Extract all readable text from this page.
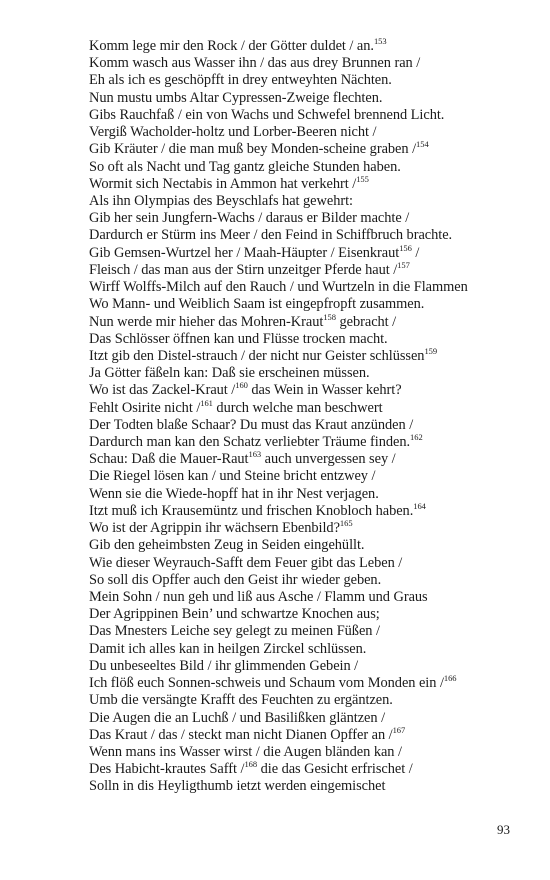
Komm lege mir den Rock / der Götter duldet / an.$^{153}$
Komm wasch aus Wasser ihn / das aus drey Brunnen ran /
Eh als ich es geschöpfft in drey entweyhten Nächten.
Nun mustu umbs Altar Cypressen-Zweige flechten.
Gibs Rauchfaß / ein von Wachs und Schwefel brennend Licht.
Vergiß Wacholder-holtz und Lorber-Beeren nicht /
Gib Kräuter / die man muß bey Monden-scheine graben /$^{154}$
So oft als Nacht und Tag gantz gleiche Stunden haben.
Wormit sich Nectabis in Ammon hat verkehrt /$^{155}$
Als ihn Olympias des Beyschlafs hat gewehrt:
Gib her sein Jungfern-Wachs / daraus er Bilder machte /
Dardurch er Stürm ins Meer / den Feind in Schiffbruch brachte.
Gib Gemsen-Wurtzel her / Maah-Häupter / Eisenkraut$^{156}$ /
Fleisch / das man aus der Stirn unzeitger Pferde haut /$^{157}$
Wirff Wolffs-Milch auf den Rauch / und Wurtzeln in die Flammen
Wo Mann- und Weiblich Saam ist eingepfropft zusammen.
Nun werde mir hieher das Mohren-Kraut$^{158}$ gebracht /
Das Schlösser öffnen kan und Flüsse trocken macht.
Itzt gib den Distel-strauch / der nicht nur Geister schlüssen$^{159}$
Ja Götter fäßeln kan: Daß sie erscheinen müssen.
Wo ist das Zackel-Kraut /$^{160}$ das Wein in Wasser kehrt?
Fehlt Osirite nicht /$^{161}$ durch welche man beschwert
Der Todten blaße Schaar? Du must das Kraut anzünden /
Dardurch man kan den Schatz verliebter Träume finden.$^{162}$
Schau: Daß die Mauer-Raut$^{163}$ auch unvergessen sey /
Die Riegel lösen kan / und Steine bricht entzwey /
Wenn sie die Wiede-hopff hat in ihr Nest verjagen.
Itzt muß ich Krausemüntz und frischen Knobloch haben.$^{164}$
Wo ist der Agrippin ihr wächsern Ebenbild?$^{165}$
Gib den geheimbsten Zeug in Seiden eingehüllt.
Wie dieser Weyrauch-Safft dem Feuer gibt das Leben /
So soll dis Opffer auch den Geist ihr wieder geben.
Mein Sohn / nun geh und liß aus Asche / Flamm und Graus
Der Agrippinen Bein’ und schwartze Knochen aus;
Das Mnesters Leiche sey gelegt zu meinen Füßen /
Damit ich alles kan in heilgen Zirckel schlüssen.
Du unbeseeltes Bild / ihr glimmenden Gebein /
Ich flöß euch Sonnen-schweis und Schaum vom Monden ein /$^{166}$
Umb die versängte Krafft des Feuchten zu ergäntzen.
Die Augen die an Luchß / und Basilißken gläntzen /
Das Kraut / das / steckt man nicht Dianen Opffer an /$^{167}$
Wenn mans ins Wasser wirst / die Augen bländen kan /
Des Habicht-krautes Safft /$^{168}$ die das Gesicht erfrischet /
Solln in dis Heyligthumb ietzt werden eingemischet
93
